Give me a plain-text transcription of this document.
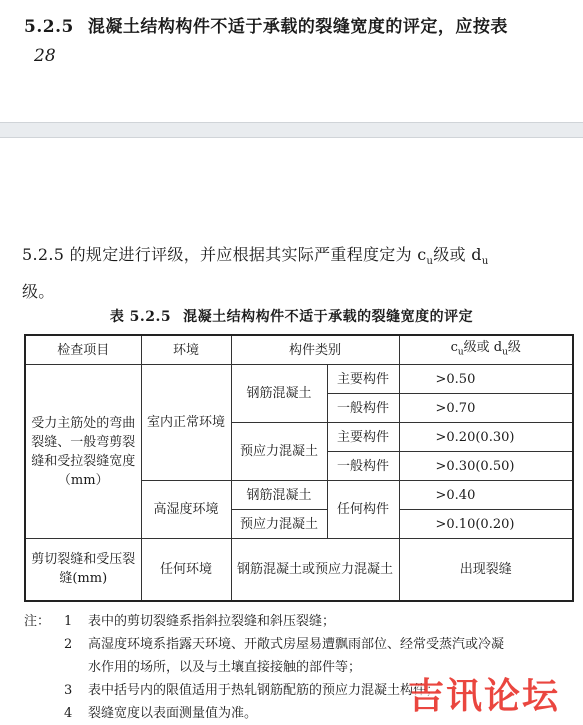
5.2.5 混凝土结构构件不适于承载的裂缝宽度的评定，应按表
28
5.2.5 的规定进行评级，并应根据其实际严重程度定为 $c_u$级或 $d_u$
级。
表 5.2.5 混凝土结构构件不适于承载的裂缝宽度的评定
检查项目	环境	构件类别		$c_u$级或 $d_u$级
受力主筋处的弯曲裂缝、一般弯剪裂缝和受拉裂缝宽度（mm）	室内正常环境	钢筋混凝土	主要构件	>0.50
			一般构件	>0.70
		预应力混凝土	主要构件	>0.20(0.30)
			一般构件	>0.30(0.50)
	高湿度环境	钢筋混凝土	任何构件	>0.40
		预应力混凝土		>0.10(0.20)
剪切裂缝和受压裂缝(mm)	任何环境	钢筋混凝土或预应力混凝土		出现裂缝
注：	1	表中的剪切裂缝系指斜拉裂缝和斜压裂缝；
2	高湿度环境系指露天环境、开敞式房屋易遭飘雨部位、经常受蒸汽或冷凝
水作用的场所，以及与土壤直接接触的部件等；
3	表中括号内的限值适用于热轧钢筋配筋的预应力混凝土构件；
4	裂缝宽度以表面测量值为准。	吉讯论坛
